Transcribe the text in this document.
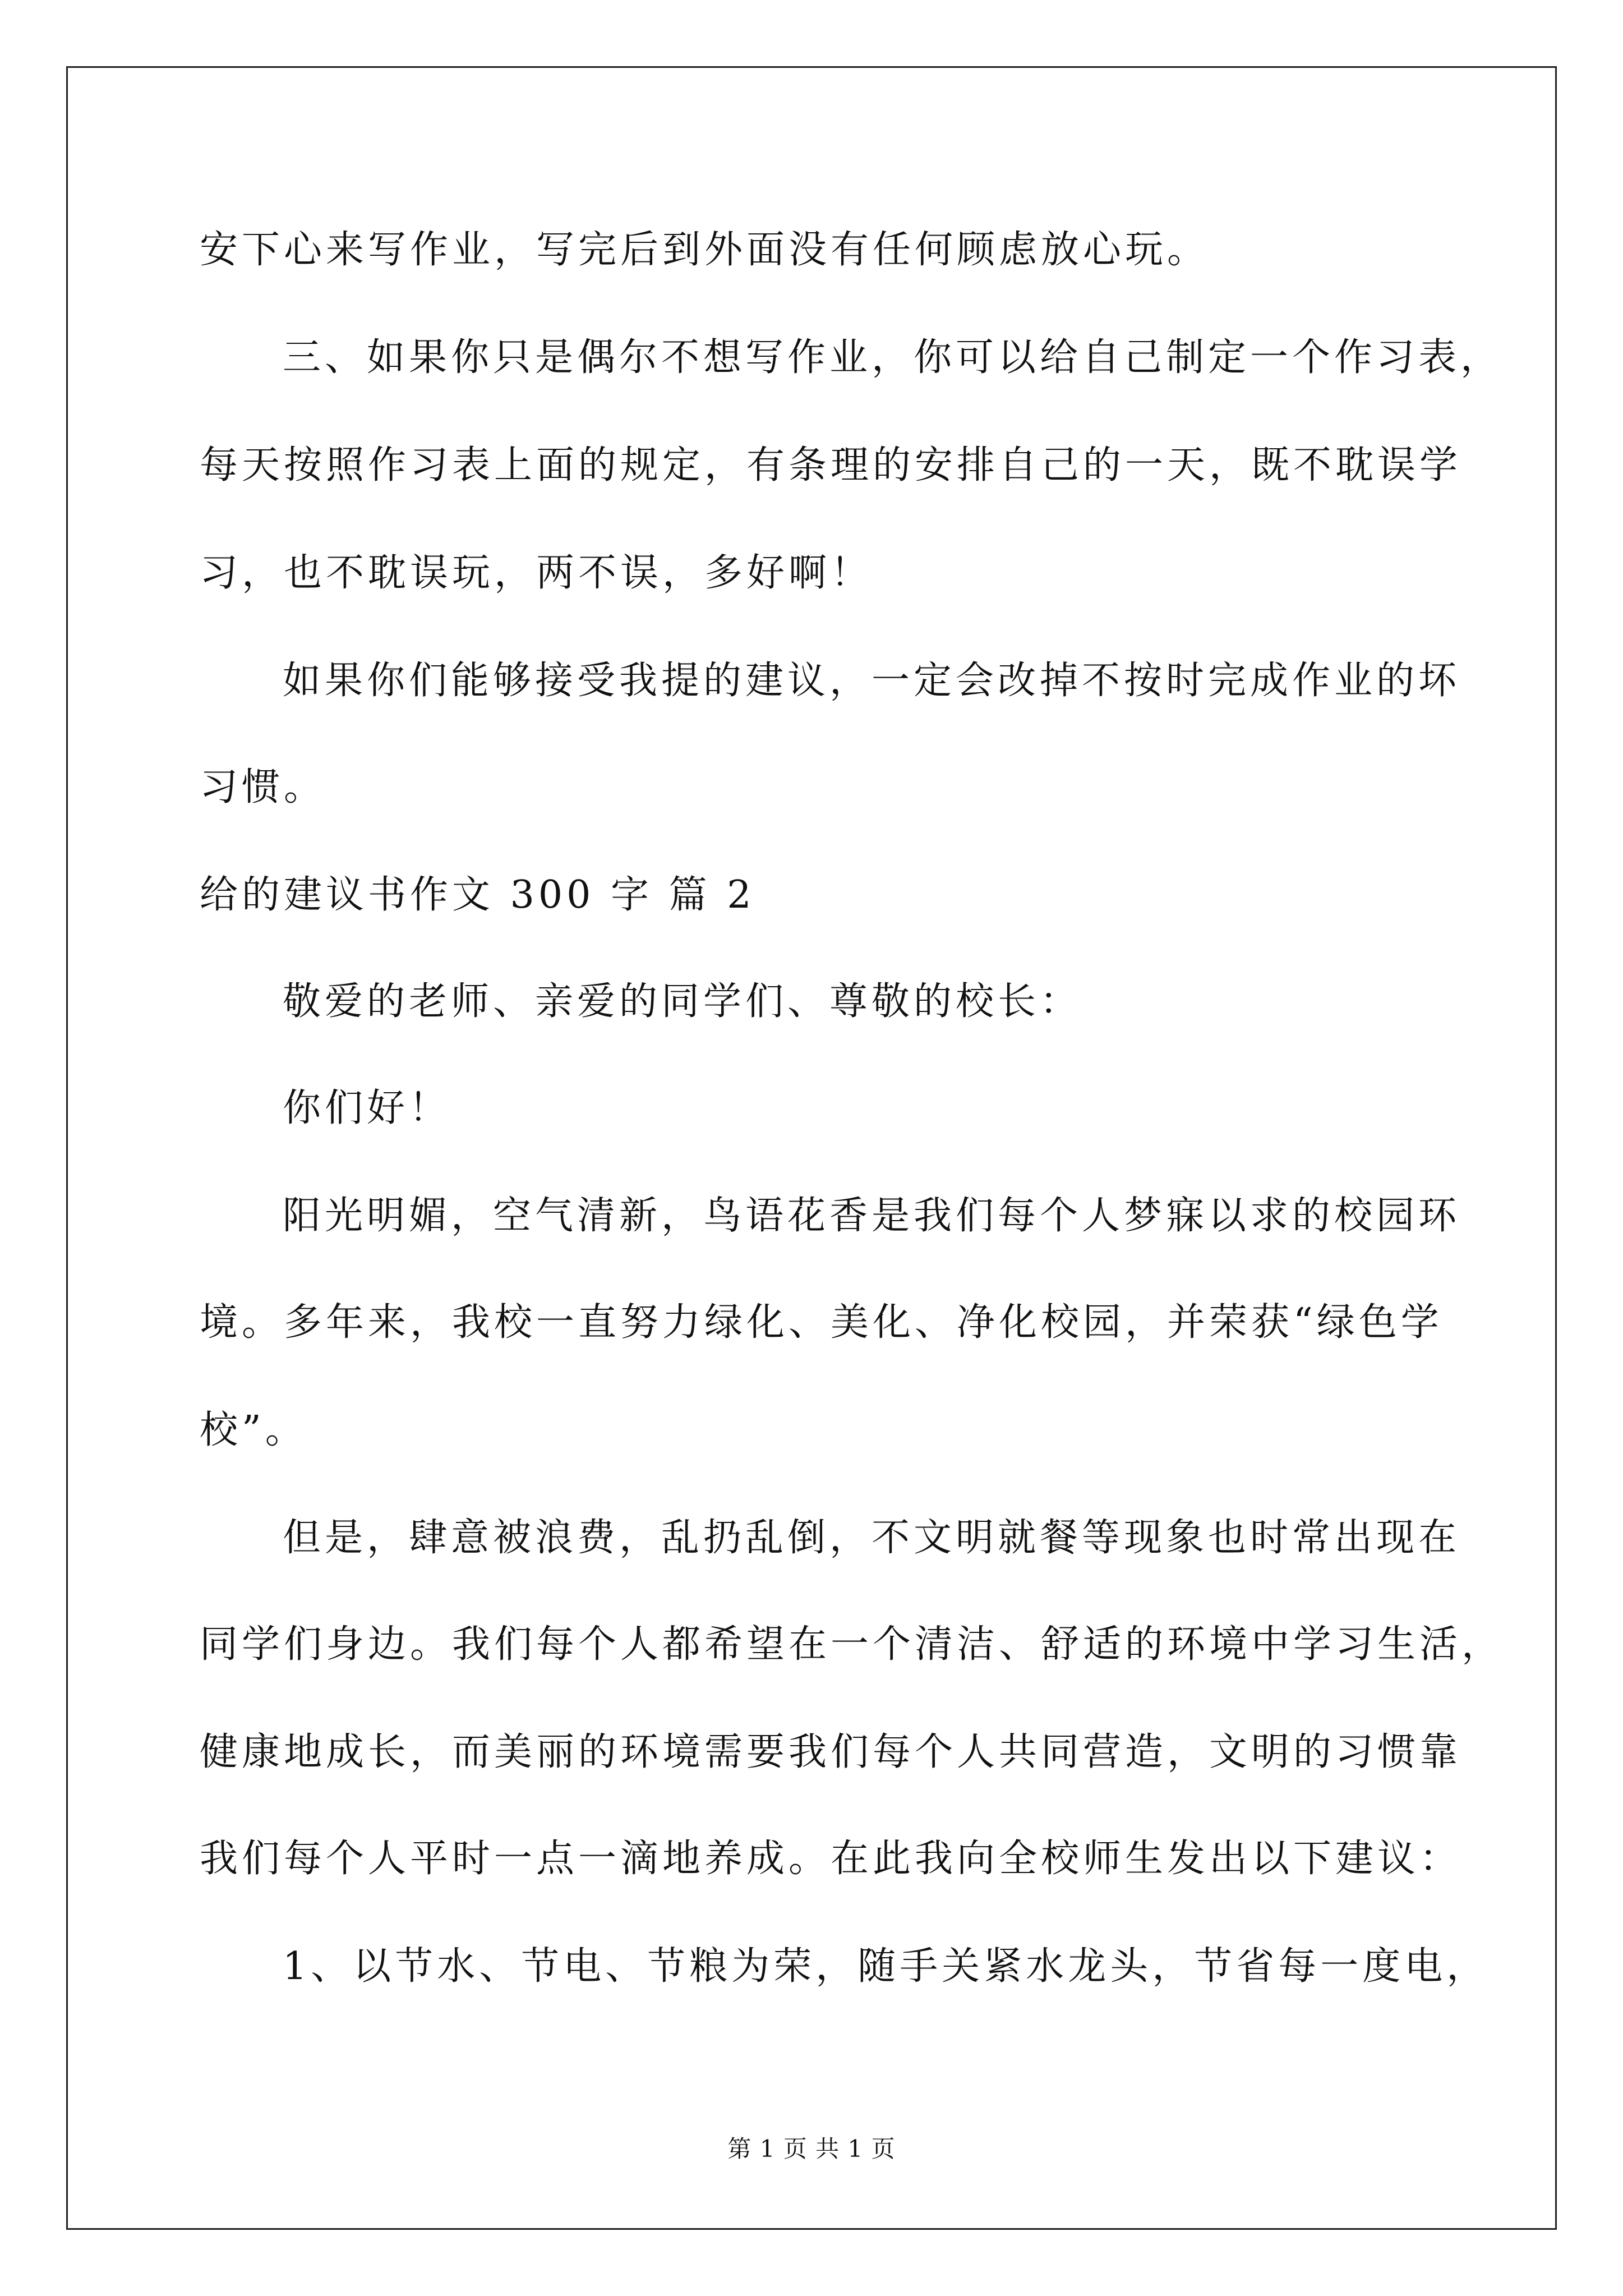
安下心来写作业，写完后到外面没有任何顾虑放心玩。
三、如果你只是偶尔不想写作业，你可以给自己制定一个作习表，
每天按照作习表上面的规定，有条理的安排自己的一天，既不耽误学
习，也不耽误玩，两不误，多好啊！
如果你们能够接受我提的建议，一定会改掉不按时完成作业的坏
习惯。
给的建议书作文 300 字 篇 2
敬爱的老师、亲爱的同学们、尊敬的校长：
你们好！
阳光明媚，空气清新，鸟语花香是我们每个人梦寐以求的校园环
境。多年来，我校一直努力绿化、美化、净化校园，并荣获“绿色学
校”。
但是，肆意被浪费，乱扔乱倒，不文明就餐等现象也时常出现在
同学们身边。我们每个人都希望在一个清洁、舒适的环境中学习生活，
健康地成长，而美丽的环境需要我们每个人共同营造，文明的习惯靠
我们每个人平时一点一滴地养成。在此我向全校师生发出以下建议：
1、以节水、节电、节粮为荣，随手关紧水龙头，节省每一度电，
第 1 页 共 1 页
